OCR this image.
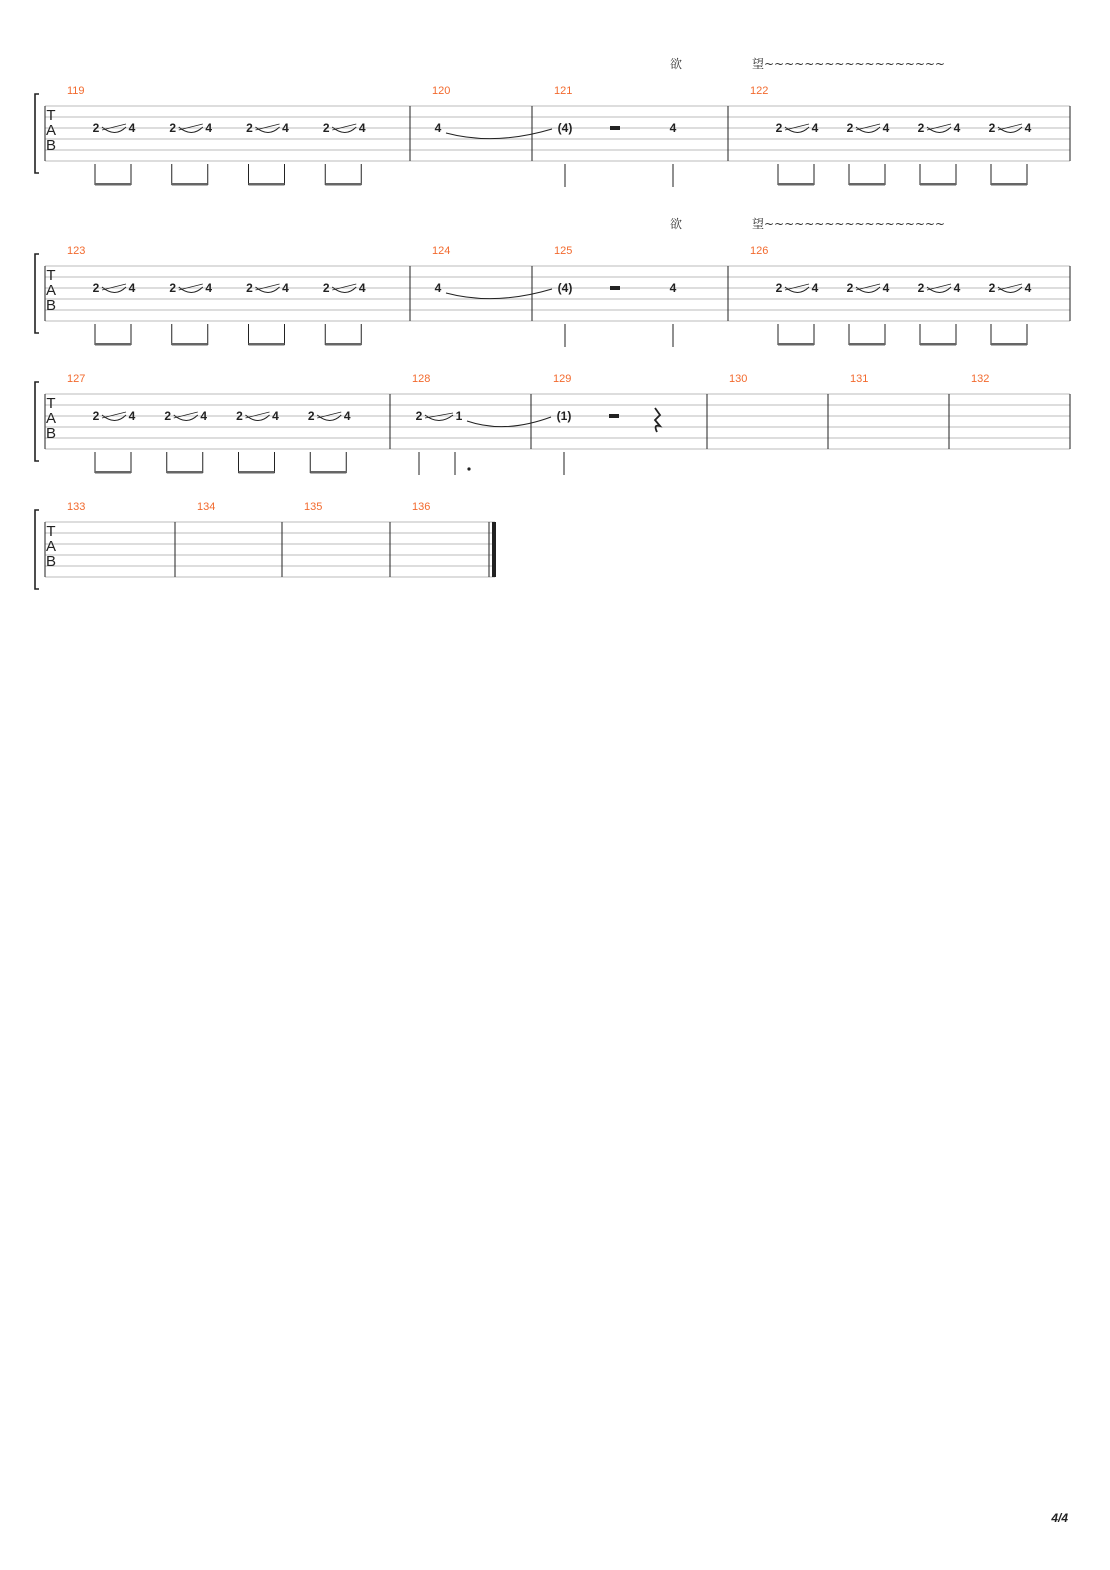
T
A
B
119
2 4	2 4	2 4	2 4
120
4
121
(4)	4
122
2 4 2 4 2 4 2 4
欲	望~~~~~~~~~~~~~~~~~~
T
A
B
123
2 4	2 4	2 4	2 4
124
4
125
(4)	4
126
2 4 2 4 2 4 2 4
欲	望~~~~~~~~~~~~~~~~~~
T
A
B
127
2 4 2 4 2 4 2 4
128
2	1
129
(1)
130	131	132
T
A
B
133	134	135	136
4/4
